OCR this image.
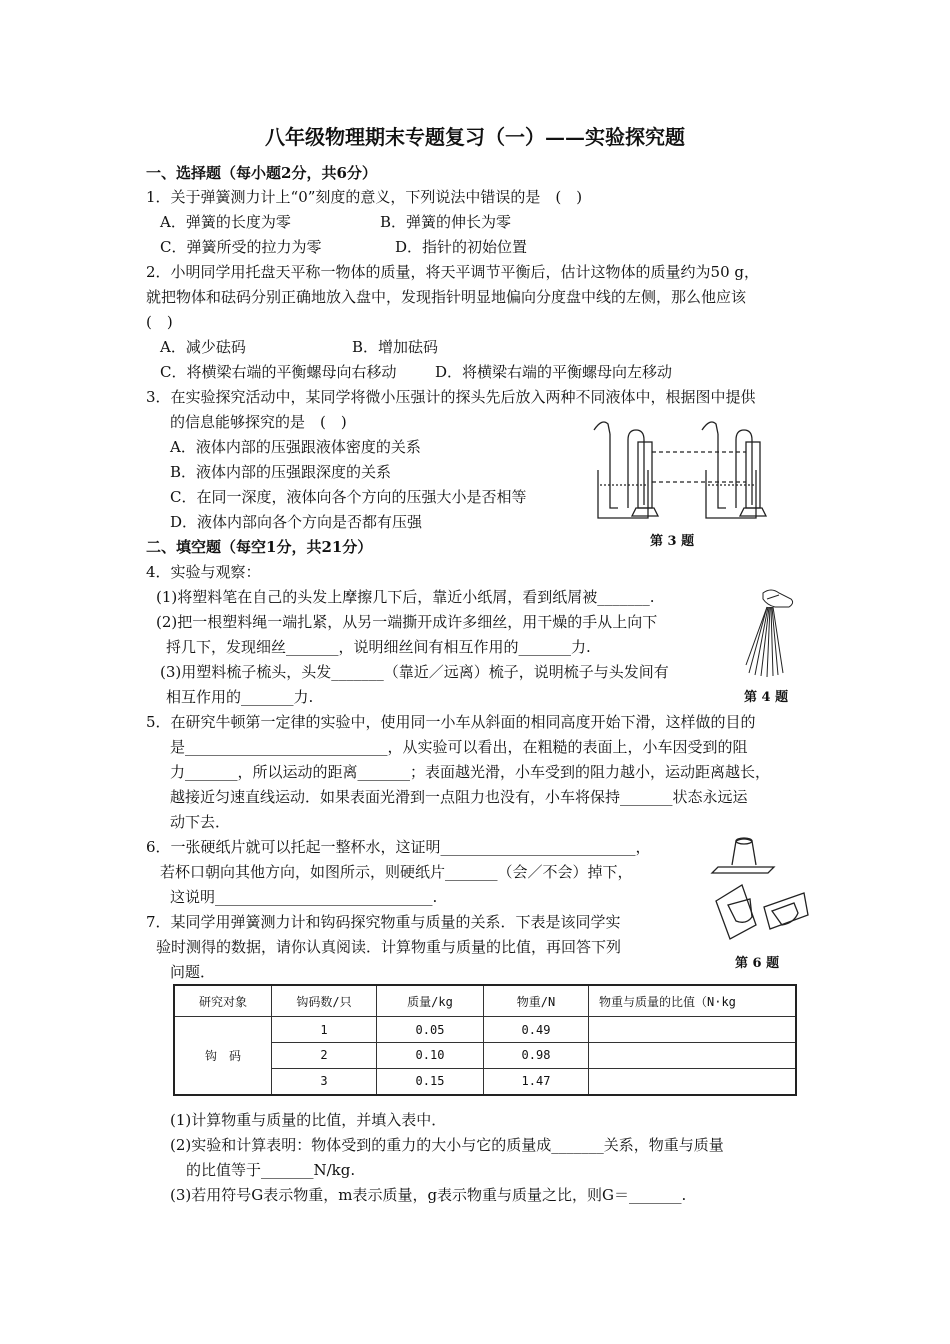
八年级物理期末专题复习（一）——实验探究题
一、选择题（每小题2分，共6分）
1．关于弹簧测力计上“0”刻度的意义，下列说法中错误的是　(　)
A．弹簧的长度为零	B．弹簧的伸长为零
C．弹簧所受的拉力为零	D．指针的初始位置
2．小明同学用托盘天平称一物体的质量，将天平调节平衡后，估计这物体的质量约为50 g，
就把物体和砝码分别正确地放入盘中，发现指针明显地偏向分度盘中线的左侧，那么他应该
(　)
A．减少砝码	B．增加砝码
C．将横梁右端的平衡螺母向右移动	D．将横梁右端的平衡螺母向左移动
3．在实验探究活动中，某同学将微小压强计的探头先后放入两种不同液体中，根据图中提供
的信息能够探究的是　(　)
A．液体内部的压强跟液体密度的关系
B．液体内部的压强跟深度的关系
C．在同一深度，液体向各个方向的压强大小是否相等
D．液体内部向各个方向是否都有压强
第 3 题
二、填空题（每空1分，共21分）
4．实验与观察：
(1)将塑料笔在自己的头发上摩擦几下后，靠近小纸屑，看到纸屑被_______.
(2)把一根塑料绳一端扎紧，从另一端撕开成许多细丝，用干燥的手从上向下
捋几下，发现细丝_______，说明细丝间有相互作用的_______力.
(3)用塑料梳子梳头，头发_______（靠近／远离）梳子，说明梳子与头发间有
相互作用的_______力.	第 4 题
5．在研究牛顿第一定律的实验中，使用同一小车从斜面的相同高度开始下滑，这样做的目的
是___________________________，从实验可以看出，在粗糙的表面上，小车因受到的阻
力_______，所以运动的距离_______；表面越光滑，小车受到的阻力越小，运动距离越长，
越接近匀速直线运动．如果表面光滑到一点阻力也没有，小车将保持_______状态永远运
动下去．
6．一张硬纸片就可以托起一整杯水，这证明__________________________，
若杯口朝向其他方向，如图所示，则硬纸片_______（会／不会）掉下，
这说明_____________________________.
第 6 题
7．某同学用弹簧测力计和钩码探究物重与质量的关系．下表是该同学实
验时测得的数据，请你认真阅读．计算物重与质量的比值，再回答下列
问题．
研究对象	钩码数/只	质量/kg	物重/N	物重与质量的比值（N·kg
钩　码	1	0.05	0.49	
	2	0.10	0.98	
	3	0.15	1.47	
(1)计算物重与质量的比值，并填入表中．
(2)实验和计算表明：物体受到的重力的大小与它的质量成_______关系，物重与质量
的比值等于_______N/kg.
(3)若用符号G表示物重，m表示质量，g表示物重与质量之比，则G＝_______.
